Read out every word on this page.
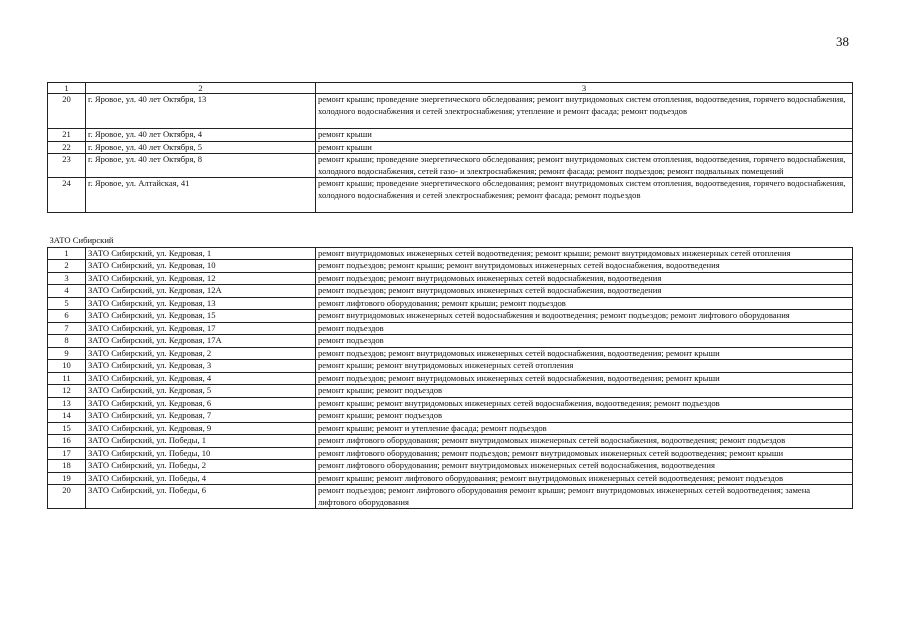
38
1	2	3
20	г. Яровое, ул. 40 лет Октября, 13	ремонт крыши; проведение энергетического обследования; ремонт внутридомовых систем отопления, водоотведения, горячего водоснабжения, холодного водоснабжения и сетей электроснабжения; утепление и ремонт фасада; ремонт подъездов
21	г. Яровое, ул. 40 лет Октября, 4	ремонт крыши
22	г. Яровое, ул. 40 лет Октября, 5	ремонт крыши
23	г. Яровое, ул. 40 лет Октября, 8	ремонт крыши; проведение энергетического обследования; ремонт внутридомовых систем отопления, водоотведения, горячего водоснабжения, холодного водоснабжения, сетей газо- и электроснабжения; ремонт фасада; ремонт подъездов; ремонт подвальных помещений
24	г. Яровое, ул. Алтайская, 41	ремонт крыши; проведение энергетического обследования; ремонт внутридомовых систем отопления, водоотведения, горячего водоснабжения, холодного водоснабжения и сетей электроснабжения; ремонт фасада; ремонт подъездов
ЗАТО Сибирский		
1	ЗАТО Сибирский, ул. Кедровая, 1	ремонт внутридомовых инженерных сетей водоотведения; ремонт крыши; ремонт внутридомовых инженерных сетей отопления
2	ЗАТО Сибирский, ул. Кедровая, 10	ремонт подъездов; ремонт крыши; ремонт внутридомовых инженерных сетей водоснабжения, водоотведения
3	ЗАТО Сибирский, ул. Кедровая, 12	ремонт подъездов; ремонт внутридомовых инженерных сетей водоснабжения, водоотведения
4	ЗАТО Сибирский, ул. Кедровая, 12А	ремонт подъездов; ремонт внутридомовых инженерных сетей водоснабжения, водоотведения
5	ЗАТО Сибирский, ул. Кедровая, 13	ремонт лифтового оборудования; ремонт крыши; ремонт подъездов
6	ЗАТО Сибирский, ул. Кедровая, 15	ремонт внутридомовых инженерных сетей водоснабжения и водоотведения; ремонт подъездов; ремонт лифтового оборудования
7	ЗАТО Сибирский, ул. Кедровая, 17	ремонт подъездов
8	ЗАТО Сибирский, ул. Кедровая, 17А	ремонт подъездов
9	ЗАТО Сибирский, ул. Кедровая, 2	ремонт подъездов; ремонт внутридомовых инженерных сетей водоснабжения, водоотведения; ремонт крыши
10	ЗАТО Сибирский, ул. Кедровая, 3	ремонт крыши; ремонт внутридомовых инженерных сетей отопления
11	ЗАТО Сибирский, ул. Кедровая, 4	ремонт подъездов; ремонт внутридомовых инженерных сетей водоснабжения, водоотведения; ремонт крыши
12	ЗАТО Сибирский, ул. Кедровая, 5	ремонт крыши; ремонт подъездов
13	ЗАТО Сибирский, ул. Кедровая, 6	ремонт крыши; ремонт внутридомовых инженерных сетей водоснабжения, водоотведения; ремонт подъездов
14	ЗАТО Сибирский, ул. Кедровая, 7	ремонт крыши; ремонт подъездов
15	ЗАТО Сибирский, ул. Кедровая, 9	ремонт крыши; ремонт и утепление фасада; ремонт подъездов
16	ЗАТО Сибирский, ул. Победы, 1	ремонт лифтового оборудования; ремонт внутридомовых инженерных сетей водоснабжения, водоотведения; ремонт подъездов
17	ЗАТО Сибирский, ул. Победы, 10	ремонт лифтового оборудования; ремонт подъездов; ремонт внутридомовых инженерных сетей водоотведения; ремонт крыши
18	ЗАТО Сибирский, ул. Победы, 2	ремонт лифтового оборудования; ремонт внутридомовых инженерных сетей водоснабжения, водоотведения
19	ЗАТО Сибирский, ул. Победы, 4	ремонт крыши; ремонт лифтового оборудования; ремонт внутридомовых инженерных сетей водоотведения; ремонт подъездов
20	ЗАТО Сибирский, ул. Победы, 6	ремонт подъездов; ремонт лифтового оборудования ремонт крыши; ремонт внутридомовых инженерных сетей водоотведения; замена лифтового оборудования
